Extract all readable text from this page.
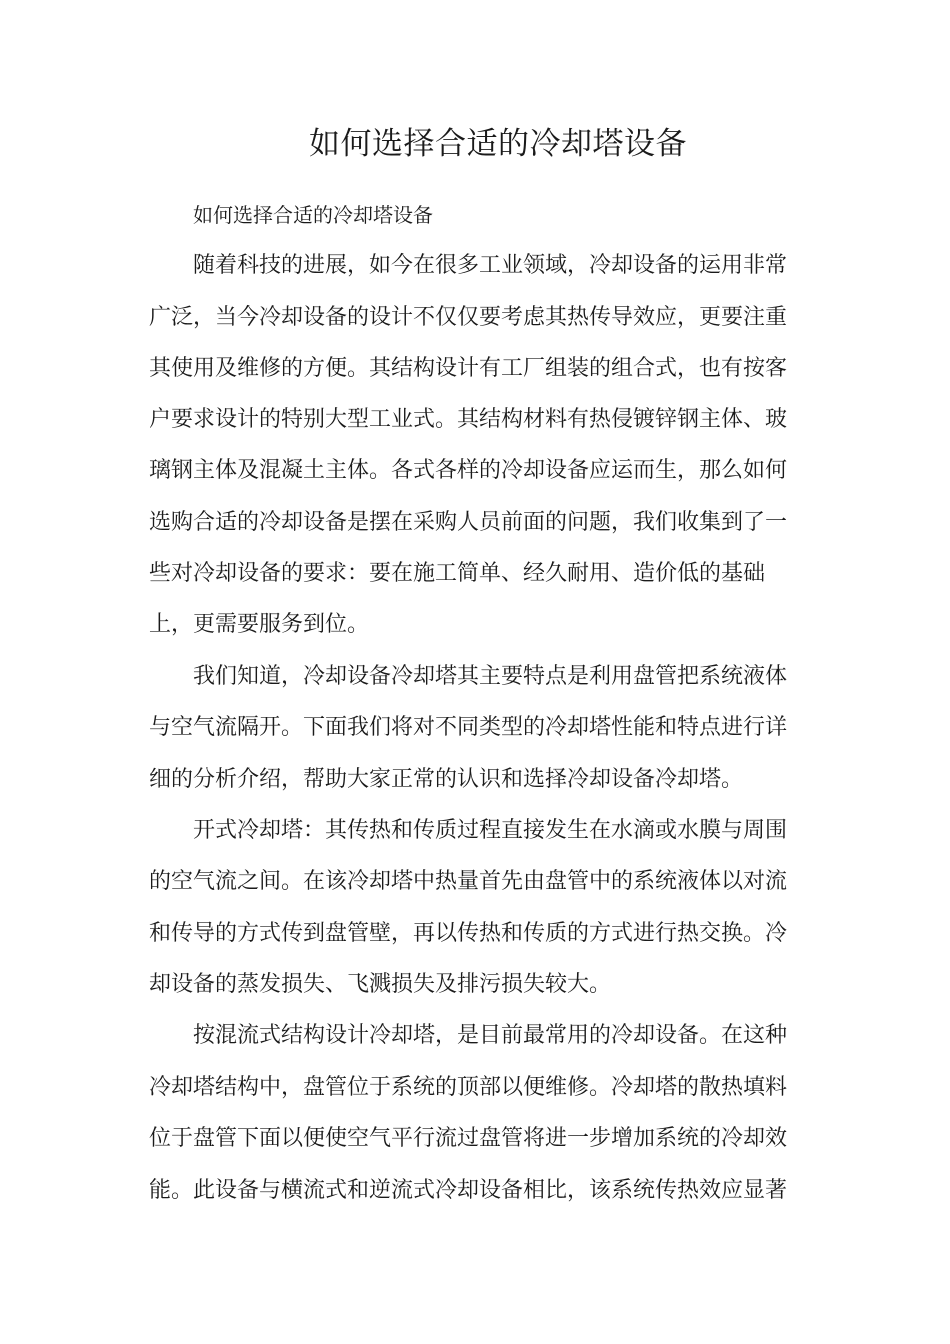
如何选择合适的冷却塔设备

如何选择合适的冷却塔设备

随着科技的进展，如今在很多工业领域，冷却设备的运用非常

广泛，当今冷却设备的设计不仅仅要考虑其热传导效应，更要注重

其使用及维修的方便。其结构设计有工厂组装的组合式，也有按客

户要求设计的特别大型工业式。其结构材料有热侵镀锌钢主体、玻

璃钢主体及混凝土主体。各式各样的冷却设备应运而生，那么如何

选购合适的冷却设备是摆在采购人员前面的问题，我们收集到了一

些对冷却设备的要求：要在施工简单、经久耐用、造价低的基础

上，更需要服务到位。

我们知道，冷却设备冷却塔其主要特点是利用盘管把系统液体

与空气流隔开。下面我们将对不同类型的冷却塔性能和特点进行详

细的分析介绍，帮助大家正常的认识和选择冷却设备冷却塔。

开式冷却塔：其传热和传质过程直接发生在水滴或水膜与周围

的空气流之间。在该冷却塔中热量首先由盘管中的系统液体以对流

和传导的方式传到盘管壁，再以传热和传质的方式进行热交换。冷

却设备的蒸发损失、飞溅损失及排污损失较大。

按混流式结构设计冷却塔，是目前最常用的冷却设备。在这种

冷却塔结构中，盘管位于系统的顶部以便维修。冷却塔的散热填料

位于盘管下面以便使空气平行流过盘管将进一步增加系统的冷却效

能。此设备与横流式和逆流式冷却设备相比，该系统传热效应显著
